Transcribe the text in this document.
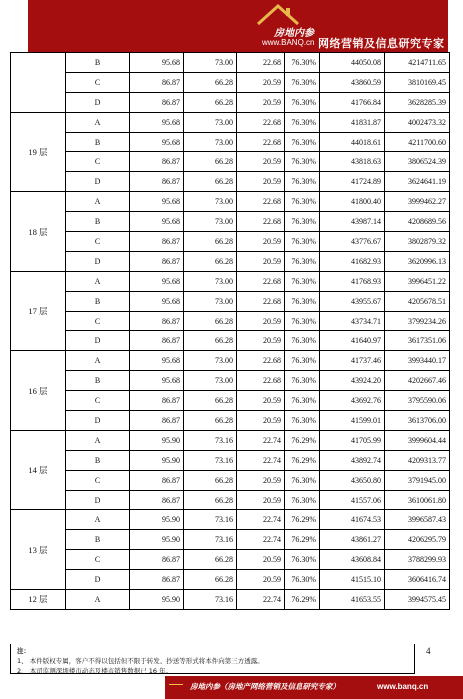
房地内参
www.BANQ.cn 网络营销及信息研究专家
	B	95.68	73.00	22.68	76.30%	44050.08	4214711.65
	C	86.87	66.28	20.59	76.30%	43860.59	3810169.45
	D	86.87	66.28	20.59	76.30%	41766.84	3628285.39
19 层	A	95.68	73.00	22.68	76.30%	41831.87	4002473.32
	B	95.68	73.00	22.68	76.30%	44018.61	4211700.60
	C	86.87	66.28	20.59	76.30%	43818.63	3806524.39
	D	86.87	66.28	20.59	76.30%	41724.89	3624641.19
18 层	A	95.68	73.00	22.68	76.30%	41800.40	3999462.27
	B	95.68	73.00	22.68	76.30%	43987.14	4208689.56
	C	86.87	66.28	20.59	76.30%	43776.67	3802879.32
	D	86.87	66.28	20.59	76.30%	41682.93	3620996.13
17 层	A	95.68	73.00	22.68	76.30%	41768.93	3996451.22
	B	95.68	73.00	22.68	76.30%	43955.67	4205678.51
	C	86.87	66.28	20.59	76.30%	43734.71	3799234.26
	D	86.87	66.28	20.59	76.30%	41640.97	3617351.06
16 层	A	95.68	73.00	22.68	76.30%	41737.46	3993440.17
	B	95.68	73.00	22.68	76.30%	43924.20	4202667.46
	C	86.87	66.28	20.59	76.30%	43692.76	3795590.06
	D	86.87	66.28	20.59	76.30%	41599.01	3613706.00
14 层	A	95.90	73.16	22.74	76.29%	41705.99	3999604.44
	B	95.90	73.16	22.74	76.29%	43892.74	4209313.77
	C	86.87	66.28	20.59	76.30%	43650.80	3791945.00
	D	86.87	66.28	20.59	76.30%	41557.06	3610061.80
13 层	A	95.90	73.16	22.74	76.29%	41674.53	3996587.43
	B	95.90	73.16	22.74	76.29%	43861.27	4206295.79
	C	86.87	66.28	20.59	76.30%	43608.84	3788299.93
	D	86.87	66.28	20.59	76.30%	41515.10	3606416.74
12 层	A	95.90	73.16	22.74	76.29%	41653.55	3994575.45
注：
1、 本件版权专属，客户不得以包括但不限于转发、抄送等形式将本件向第三方透露。
2、 本司监测深圳楼市动态及楼市销售数据已 16 年。
4
房地内参（房地产网络营销及信息研究专家）	www.banq.cn
